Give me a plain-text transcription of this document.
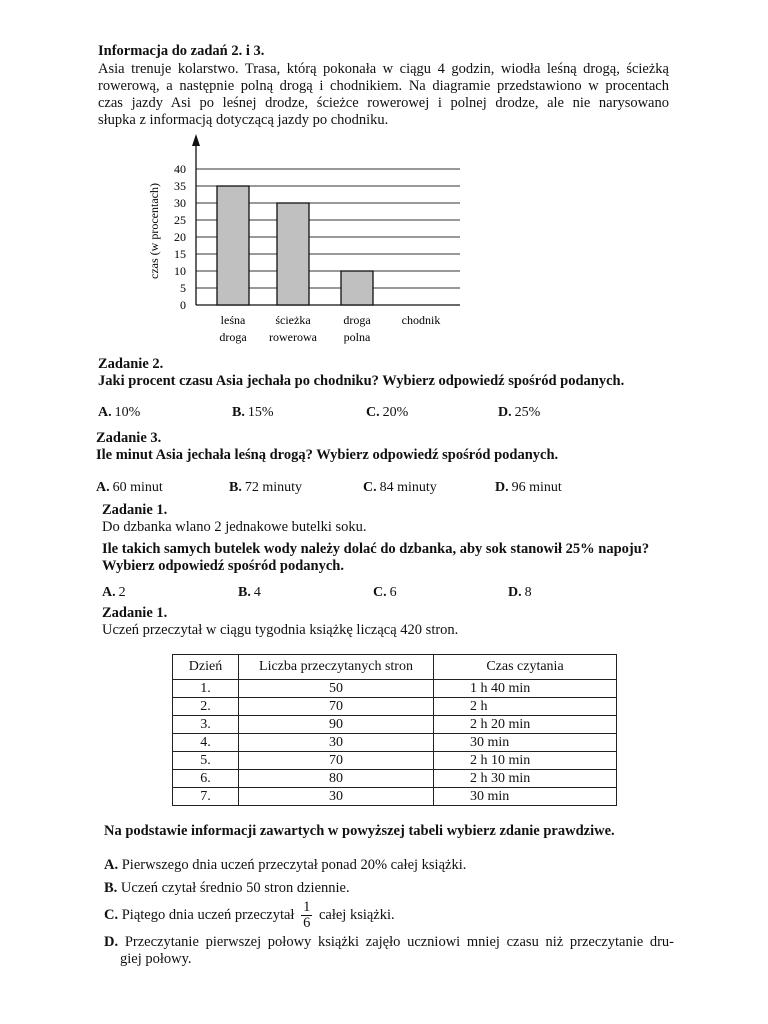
Informacja do zadań 2. i 3.
Asia trenuje kolarstwo. Trasa, którą pokonała w ciągu 4 godzin, wiodła leśną drogą, ścieżką
rowerową, a następnie polną drogą i chodnikiem. Na diagramie przedstawiono w procentach
czas jazdy Asi po leśnej drodze, ścieżce rowerowej i polnej drodze, ale nie narysowano
słupka z informacją dotyczącą jazdy po chodniku.
0
5
10
15
20
25
30
35
40
czas (w procentach)
leśna
droga
ścieżka
rowerowa
droga
polna
chodnik
Zadanie 2.
Jaki procent czasu Asia jechała po chodniku? Wybierz odpowiedź spośród podanych.
A. 10%	B. 15%	C. 20%	D. 25%
Zadanie 3.
Ile minut Asia jechała leśną drogą? Wybierz odpowiedź spośród podanych.
A. 60 minut	B. 72 minuty	C. 84 minuty	D. 96 minut
Zadanie 1.
Do dzbanka wlano 2 jednakowe butelki soku.
Ile takich samych butelek wody należy dolać do dzbanka, aby sok stanowił 25% napoju?
Wybierz odpowiedź spośród podanych.
A. 2	B. 4	C. 6	D. 8
Zadanie 1.
Uczeń przeczytał w ciągu tygodnia książkę liczącą 420 stron.
Dzień	Liczba przeczytanych stron	Czas czytania
1.	50	1 h 40 min
2.	70	2 h
3.	90	2 h 20 min
4.	30	30 min
5.	70	2 h 10 min
6.	80	2 h 30 min
7.	30	30 min
Na podstawie informacji zawartych w powyższej tabeli wybierz zdanie prawdziwe.
A. Pierwszego dnia uczeń przeczytał ponad 20% całej książki.
B. Uczeń czytał średnio 50 stron dziennie.
C. Piątego dnia uczeń przeczytał $\frac{1}{6}$ całej książki.
D. Przeczytanie pierwszej połowy książki zajęło uczniowi mniej czasu niż przeczytanie dru-
giej połowy.
